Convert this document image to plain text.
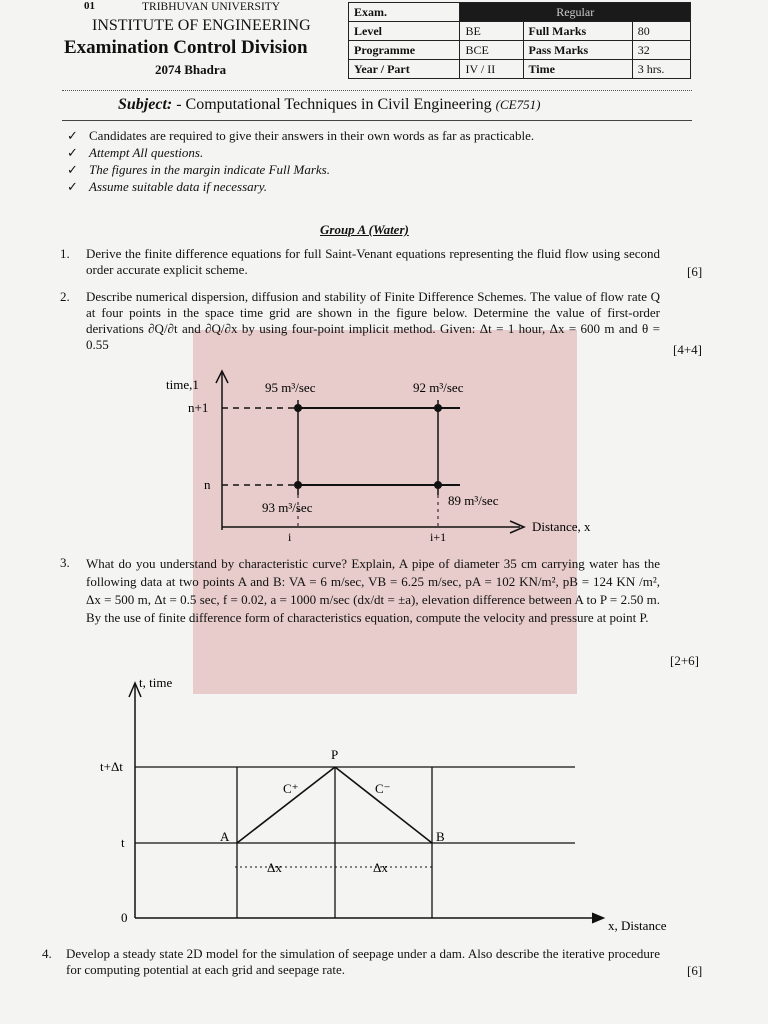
01	TRIBHUVAN UNIVERSITY
INSTITUTE OF ENGINEERING
Examination Control Division
2074 Bhadra
Exam.	Regular		
Level	BE	Full Marks	80
Programme	BCE	Pass Marks	32
Year / Part	IV / II	Time	3 hrs.
Subject: - Computational Techniques in Civil Engineering (CE751)
✓ Candidates are required to give their answers in their own words as far as practicable.
✓ Attempt All questions.
✓ The figures in the margin indicate Full Marks.
✓ Assume suitable data if necessary.
Group A (Water)
1. Derive the finite difference equations for full Saint-Venant equations representing the fluid flow using second order accurate explicit scheme.	[6]
2. Describe numerical dispersion, diffusion and stability of Finite Difference Schemes. The value of flow rate Q at four points in the space time grid are shown in the figure below. Determine the value of first-order derivations ∂Q/∂t and ∂Q/∂x by using four-point implicit method. Given: Δt = 1 hour, Δx = 600 m and θ = 0.55	[4+4]
time,1
n+1
n
95 m³/sec	92 m³/sec
93 m³/sec	89 m³/sec
Distance, x
i	i+1
3. What do you understand by characteristic curve? Explain, A pipe of diameter 35 cm carrying water has the following data at two points A and B: VA = 6 m/sec, VB = 6.25 m/sec, pA = 102 KN/m², pB = 124 KN /m², Δx = 500 m, Δt = 0.5 sec, f = 0.02, a = 1000 m/sec (dx/dt = ±a), elevation difference between A to P = 2.50 m. By the use of finite difference form of characteristics equation, compute the velocity and pressure at point P.
[2+6]
t, time
t+Δt
t
0
P
A	B
C⁺	C⁻
Δx	Δx
x, Distance
4. Develop a steady state 2D model for the simulation of seepage under a dam. Also describe the iterative procedure for computing potential at each grid and seepage rate.	[6]
